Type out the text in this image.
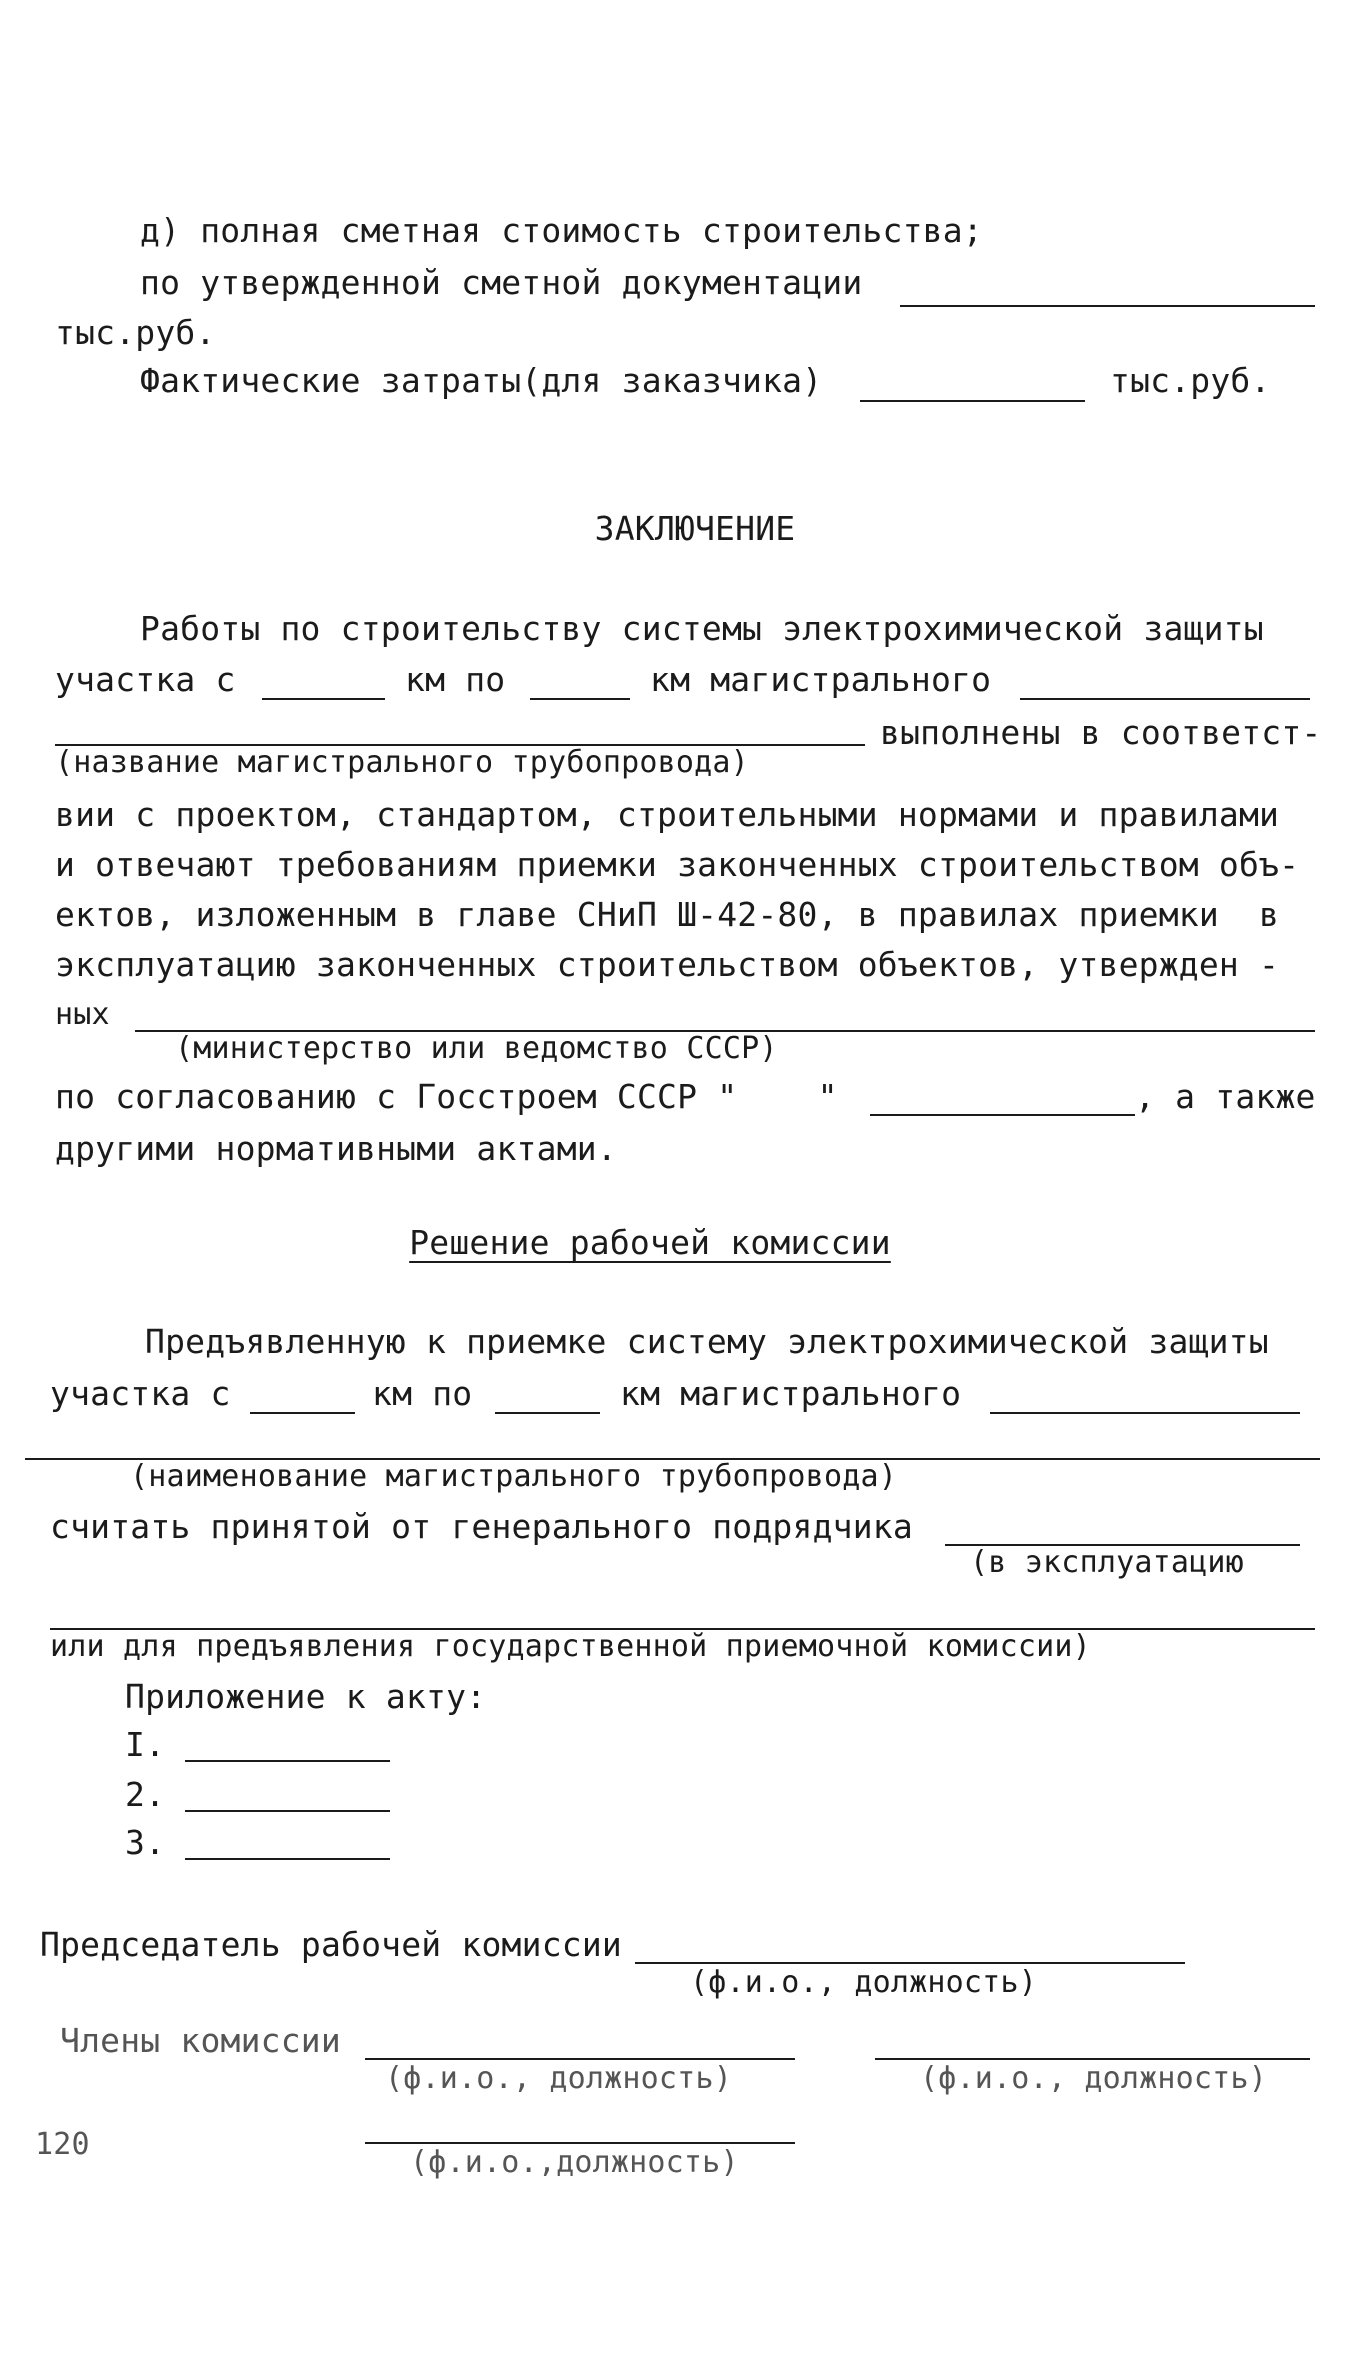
д) полная сметная стоимость строительства;
по утвержденной сметной документации
тыс.руб.
Фактические затраты(для заказчика)	тыс.руб.
ЗАКЛЮЧЕНИЕ
Работы по строительству системы электрохимической защиты
участка с	км по	км магистрального
выполнены в соответст-
(название магистрального трубопровода)
вии с проектом, стандартом, строительными нормами и правилами
и отвечают требованиям приемки законченных строительством объ-
ектов, изложенным в главе СНиП Ш-42-80, в правилах приемки  в
эксплуатацию законченных строительством объектов, утвержден -
ных
(министерство или ведомство СССР)
по согласованию с Госстроем СССР "    "	, а также
другими нормативными актами.
Решение рабочей комиссии
Предъявленную к приемке систему электрохимической защиты
участка с	км по	км магистрального
(наименование магистрального трубопровода)
считать принятой от генерального подрядчика
(в эксплуатацию
или для предъявления государственной приемочной комиссии)
Приложение к акту:
I.
2.
3.
Председатель рабочей комиссии
(ф.и.о., должность)
Члены комиссии
(ф.и.о., должность)	(ф.и.о., должность)
120
(ф.и.о.,должность)
